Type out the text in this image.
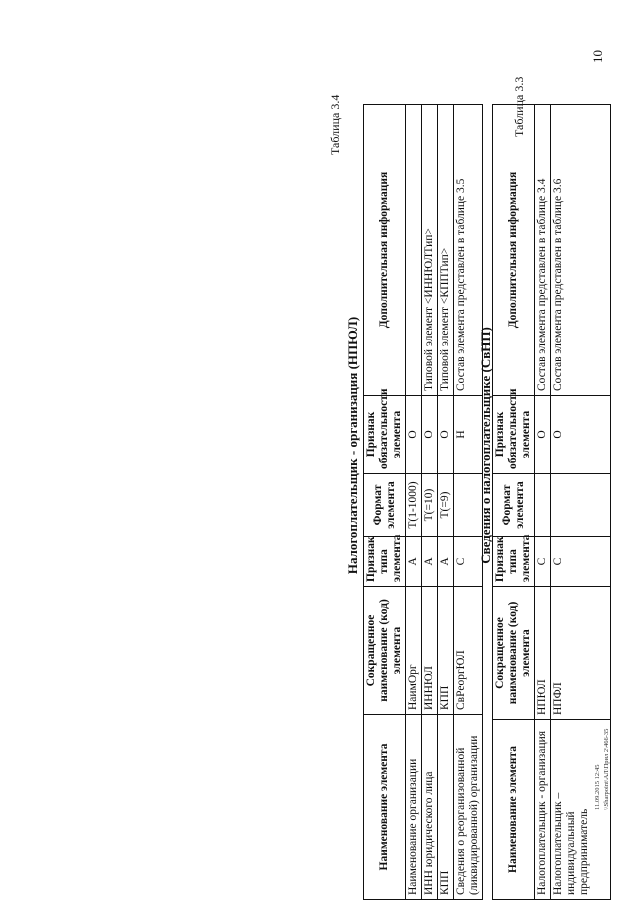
10
Таблица 3.3
Сведения о налогоплательщике (СвНП)
Наименование элемента	Сокращенное наименование (код) элемента	Признак типа элемента	Формат элемента	Признак обязательности элемента	Дополнительная информация
Налогоплательщик - организация	НПЮЛ	С		О	Состав элемента представлен в таблице 3.4
Налогоплательщик – индивидуальный предприниматель	НПФЛ	С		О	Состав элемента представлен в таблице 3.6
Таблица 3.4
Налогоплательщик - организация (НПЮЛ)
Наименование элемента	Сокращенное наименование (код) элемента	Признак типа элемента	Формат элемента	Признак обязательности элемента	Дополнительная информация
Наименование организации	НаимОрг	А	T(1-1000)	О	
ИНН юридического лица	ИННЮЛ	А	T(=10)	О	Типовой элемент <ИННЮЛТип>
КПП	КПП	А	T(=9)	О	Типовой элемент <КППТип>
Сведения о реорганизованной (ликвидированной) организации	СвРеоргЮЛ	С		Н	Состав элемента представлен в таблице 3.5
11.09.2015 12:45 \\Sharpoint\АЛ\Прил 2\466-35
